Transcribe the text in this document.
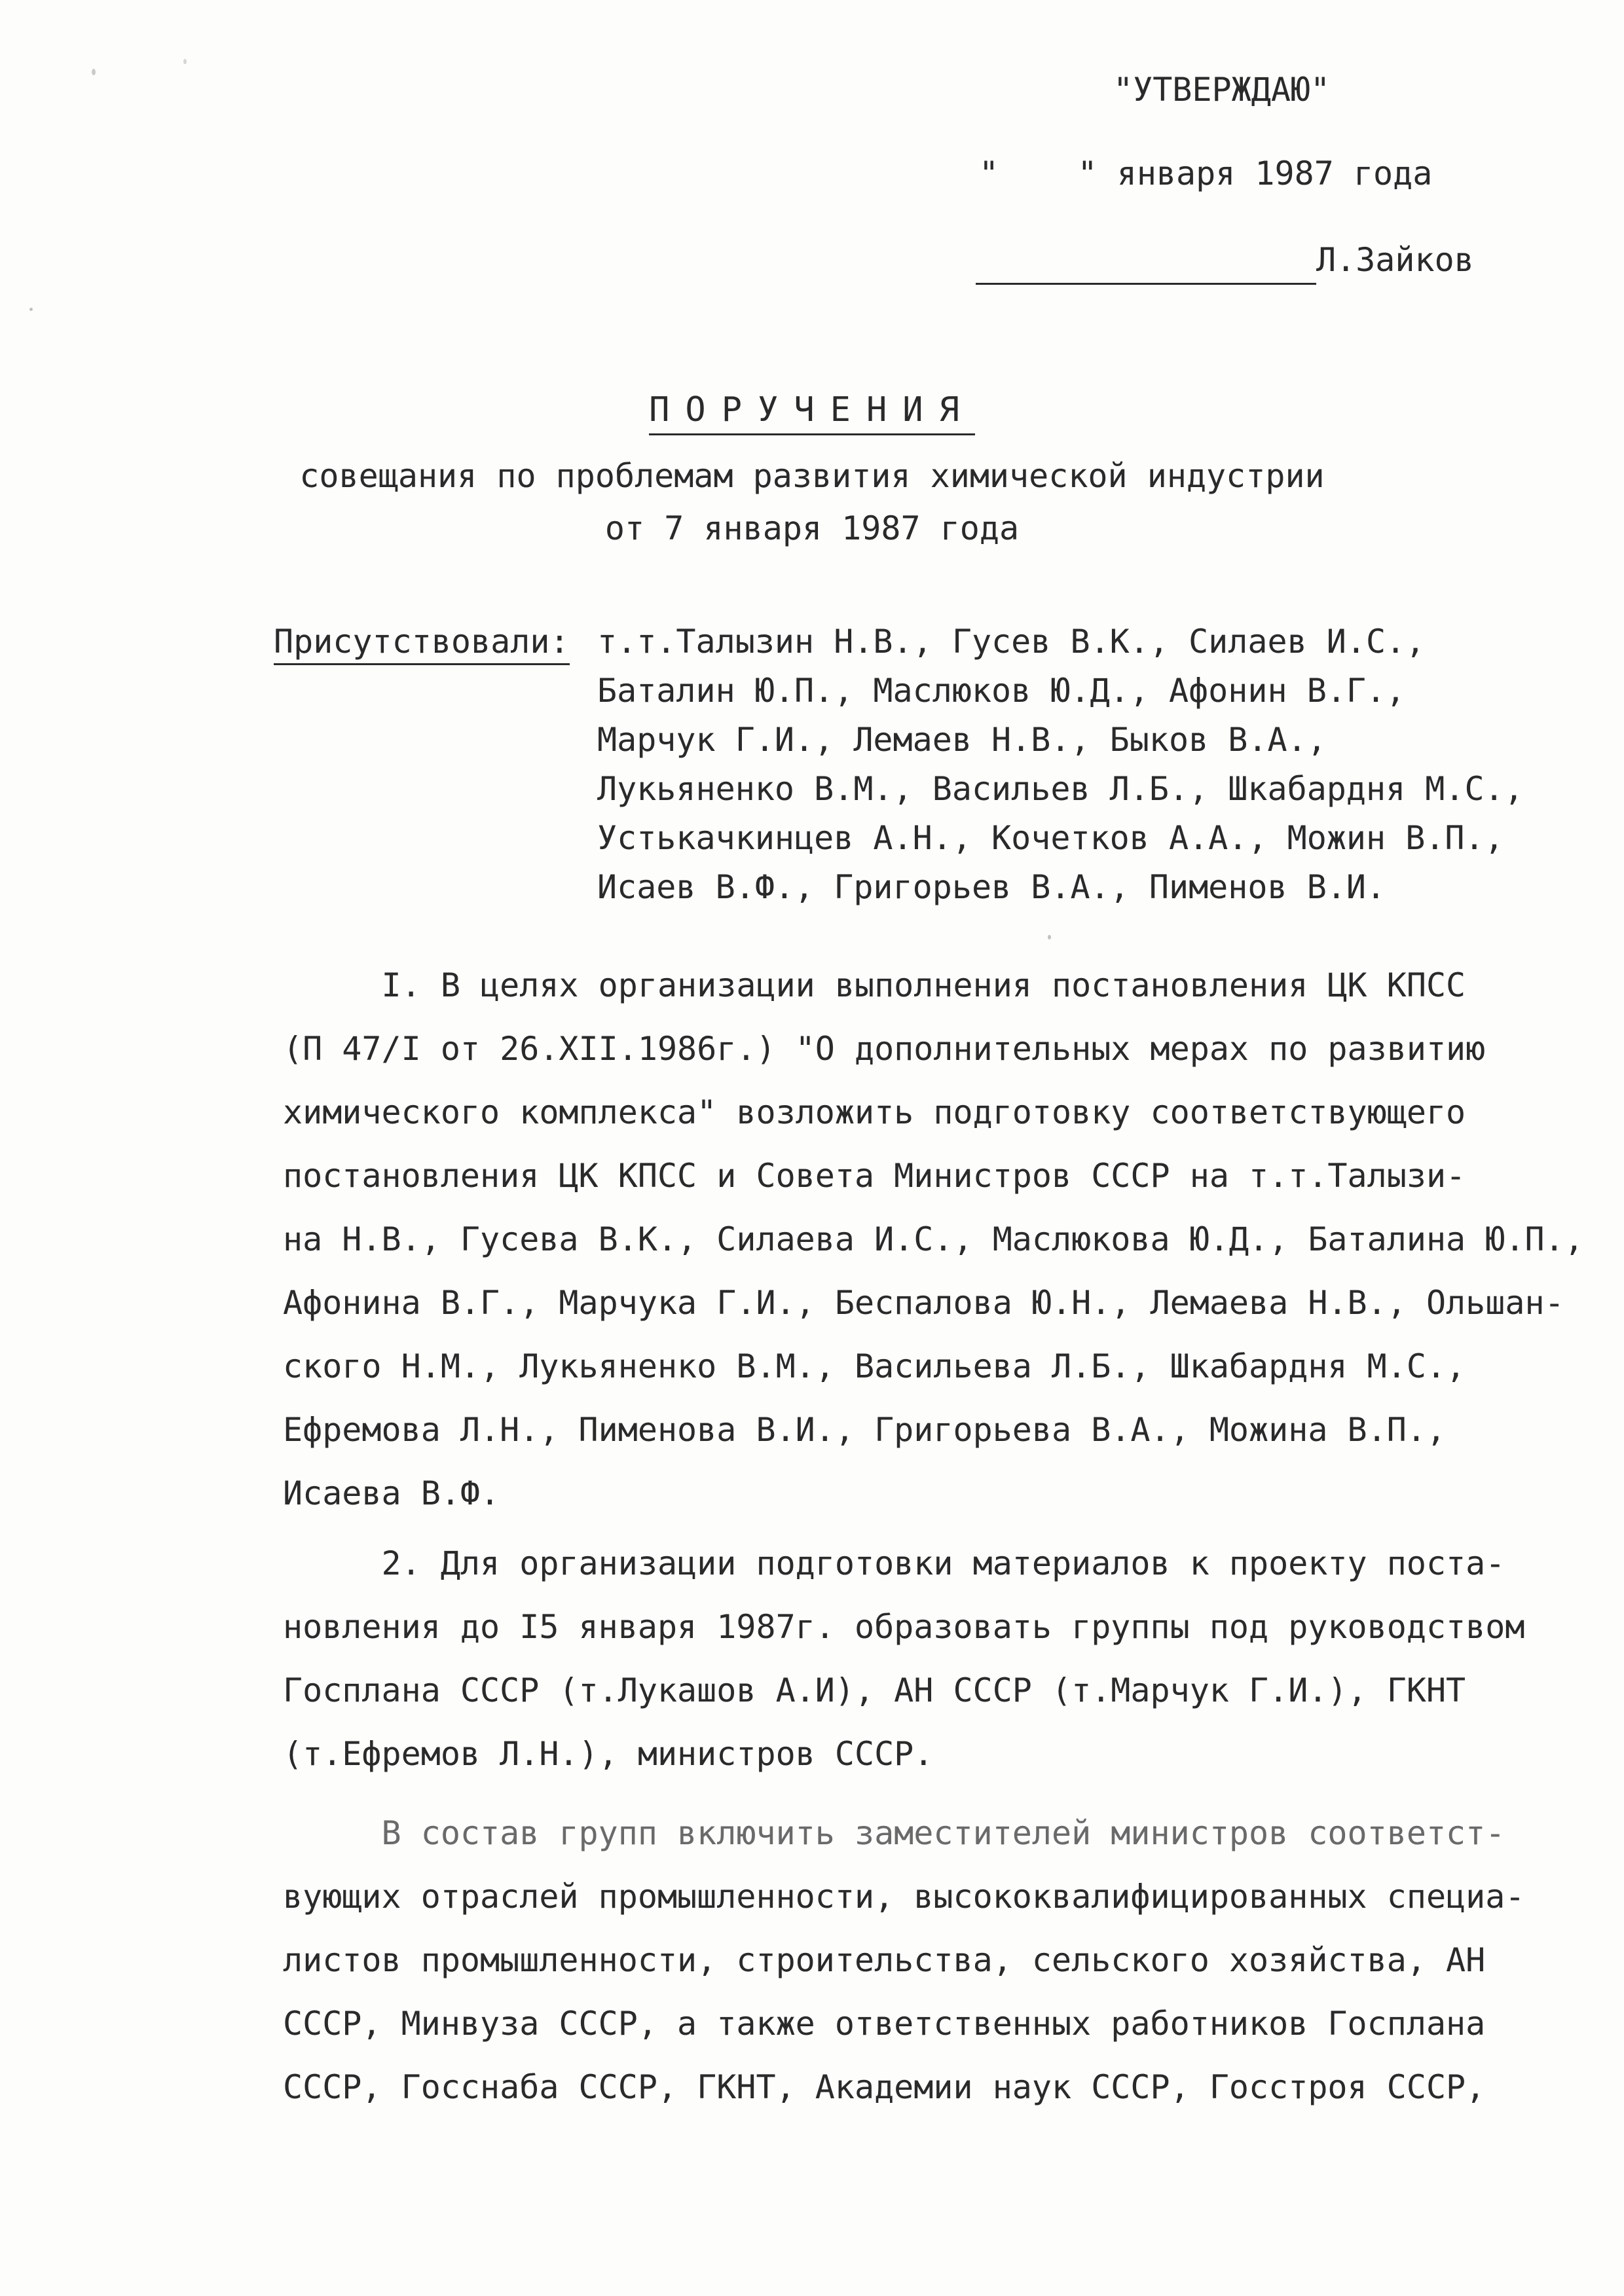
"УТВЕРЖДАЮ"
"    " января 1987 года
Л.Зайков
ПОРУЧЕНИЯ
совещания по проблемам развития химической индустрии
от 7 января 1987 года
Присутствовали: т.т.Талызин Н.В., Гусев В.К., Силаев И.С.,
Баталин Ю.П., Маслюков Ю.Д., Афонин В.Г.,
Марчук Г.И., Лемаев Н.В., Быков В.А.,
Лукьяненко В.М., Васильев Л.Б., Шкабардня М.С.,
Устькачкинцев А.Н., Кочетков А.А., Можин В.П.,
Исаев В.Ф., Григорьев В.А., Пименов В.И.
I. В целях организации выполнения постановления ЦК КПСС
(П 47/I от 26.XII.1986г.) "О дополнительных мерах по развитию
химического комплекса" возложить подготовку соответствующего
постановления ЦК КПСС и Совета Министров СССР на т.т.Талызи-
на Н.В., Гусева В.К., Силаева И.С., Маслюкова Ю.Д., Баталина Ю.П.,
Афонина В.Г., Марчука Г.И., Беспалова Ю.Н., Лемаева Н.В., Ольшан-
ского Н.М., Лукьяненко В.М., Васильева Л.Б., Шкабардня М.С.,
Ефремова Л.Н., Пименова В.И., Григорьева В.А., Можина В.П.,
Исаева В.Ф.
2. Для организации подготовки материалов к проекту поста-
новления до I5 января 1987г. образовать группы под руководством
Госплана СССР (т.Лукашов А.И), АН СССР (т.Марчук Г.И.), ГКНТ
(т.Ефремов Л.Н.), министров СССР.
В состав групп включить заместителей министров соответст-
вующих отраслей промышленности, высококвалифицированных специа-
листов промышленности, строительства, сельского хозяйства, АН
СССР, Минвуза СССР, а также ответственных работников Госплана
СССР, Госснаба СССР, ГКНТ, Академии наук СССР, Госстроя СССР,
